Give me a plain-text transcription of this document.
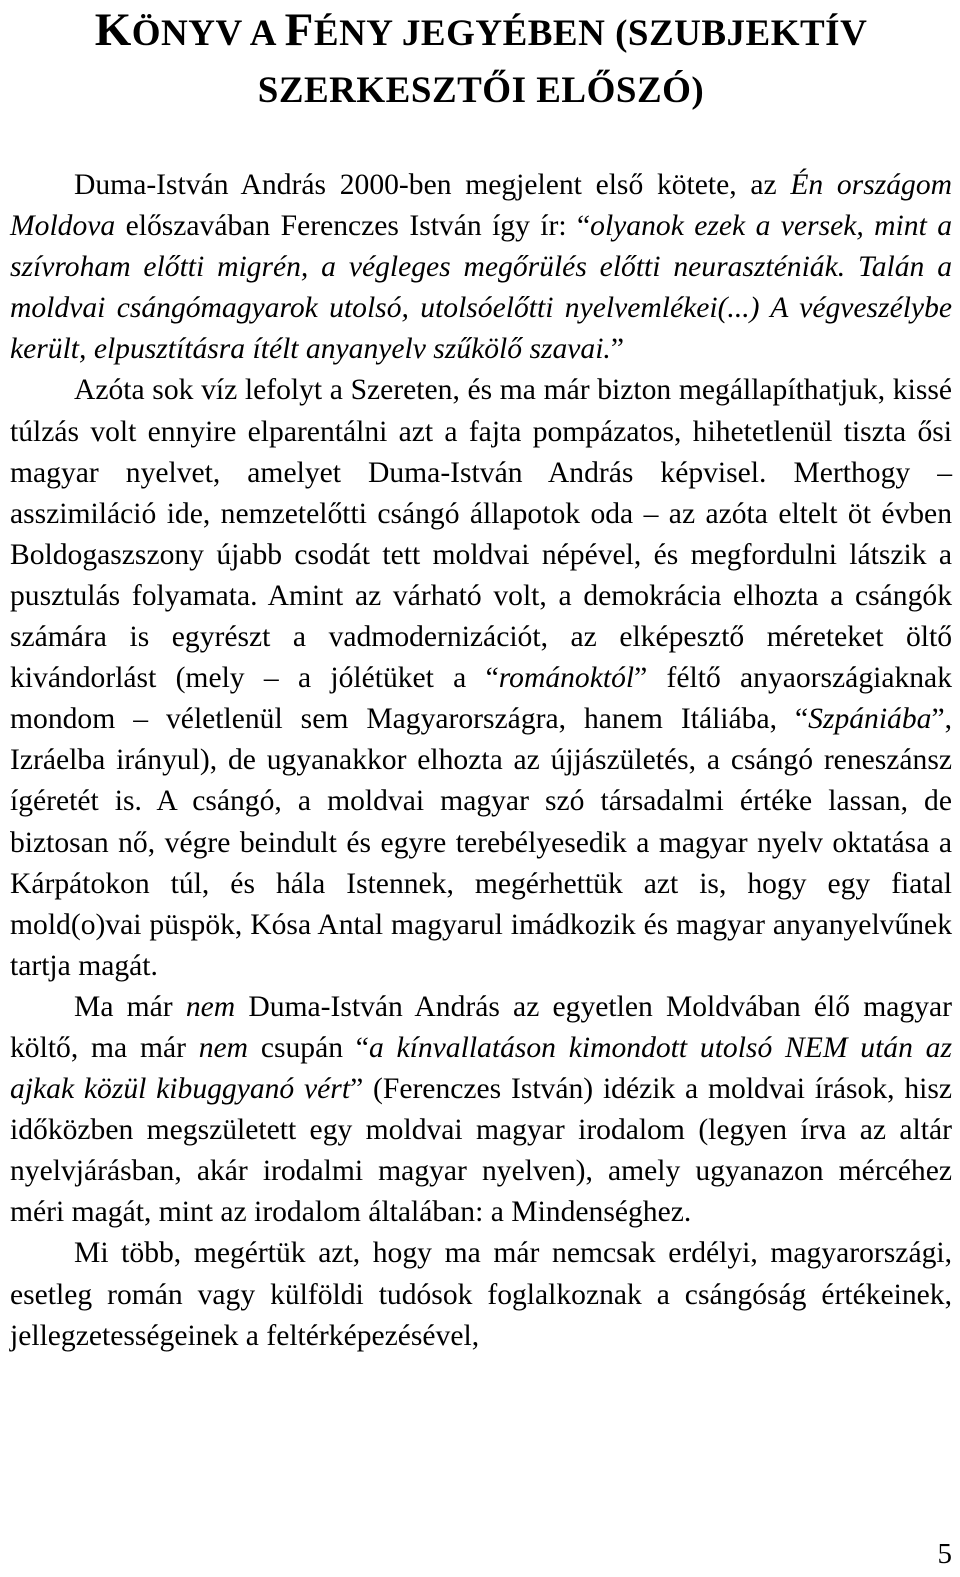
KÖNYV A FÉNY JEGYÉBEN (SZUBJEKTÍV
SZERKESZTŐI ELŐSZÓ)

Duma-István András 2000-ben megjelent első kötete, az Én országom Moldova előszavában Ferenczes István így ír: “olyanok ezek a versek, mint a szívroham előtti migrén, a végleges megőrülés előtti neuraszténiák. Talán a moldvai csángómagyarok utolsó, utolsóelőtti nyelvemlékei(...) A végveszélybe került, elpusztításra ítélt anyanyelv szűkölő szavai.”

Azóta sok víz lefolyt a Szereten, és ma már bizton megállapíthatjuk, kissé túlzás volt ennyire elparentálni azt a fajta pompázatos, hihetetlenül tiszta ősi magyar nyelvet, amelyet Duma-István András képvisel. Merthogy – asszimiláció ide, nemzetelőtti csángó állapotok oda – az azóta eltelt öt évben Boldogaszszony újabb csodát tett moldvai népével, és megfordulni látszik a pusztulás folyamata. Amint az várható volt, a demokrácia elhozta a csángók számára is egyrészt a vadmodernizációt, az elképesztő méreteket öltő kivándorlást (mely – a jólétüket a “románoktól” féltő anyaországiaknak mondom – véletlenül sem Magyarországra, hanem Itáliába, “Szpániába”, Izráelba irányul), de ugyanakkor elhozta az újjászületés, a csángó reneszánsz ígéretét is. A csángó, a moldvai magyar szó társadalmi értéke lassan, de biztosan nő, végre beindult és egyre terebélyesedik a magyar nyelv oktatása a Kárpátokon túl, és hála Istennek, megérhettük azt is, hogy egy fiatal mold(o)vai püspök, Kósa Antal magyarul imádkozik és magyar anyanyelvűnek tartja magát.

Ma már nem Duma-István András az egyetlen Moldvában élő magyar költő, ma már nem csupán “a kínvallatáson kimondott utolsó NEM után az ajkak közül kibuggyanó vért” (Ferenczes István) idézik a moldvai írások, hisz időközben megszületett egy moldvai magyar irodalom (legyen írva az altár nyelvjárásban, akár irodalmi magyar nyelven), amely ugyanazon mércéhez méri magát, mint az irodalom általában: a Mindenséghez.

Mi több, megértük azt, hogy ma már nemcsak erdélyi, magyarországi, esetleg román vagy külföldi tudósok foglalkoznak a csángóság értékeinek, jellegzetességeinek a feltérképezésével,

5
